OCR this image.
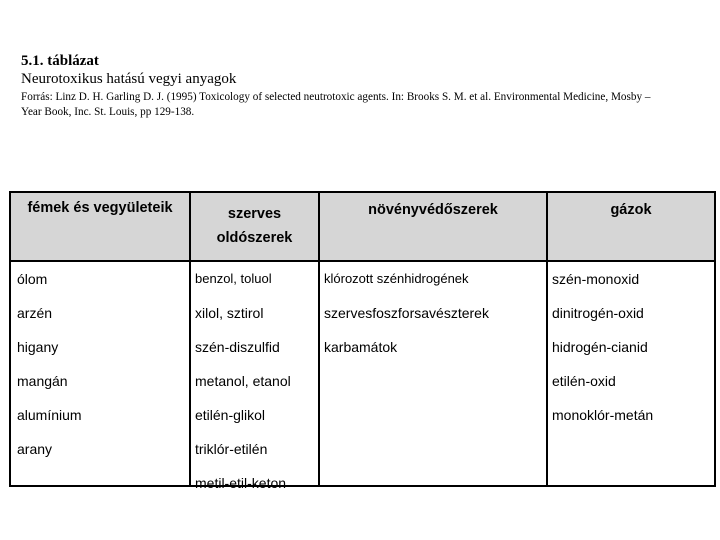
5.1. táblázat
Neurotoxikus hatású vegyi anyagok
Forrás: Linz D. H. Garling D. J. (1995) Toxicology of selected neutrotoxic agents. In: Brooks S. M. et al. Environmental Medicine, Mosby –
Year Book, Inc. St. Louis, pp 129-138.
fémek és vegyületeik	szerves
oldószerek
növényvédőszerek	gázok
ólom
arzén
higany
mangán
alumínium
arany
benzol, toluol
xilol, sztirol
szén-diszulfid
metanol, etanol
etilén-glikol
triklór-etilén
metil-etil-keton
klórozott szénhidrogének
szervesfoszforsavészterek
karbamátok
szén-monoxid
dinitrogén-oxid
hidrogén-cianid
etilén-oxid
monoklór-metán
